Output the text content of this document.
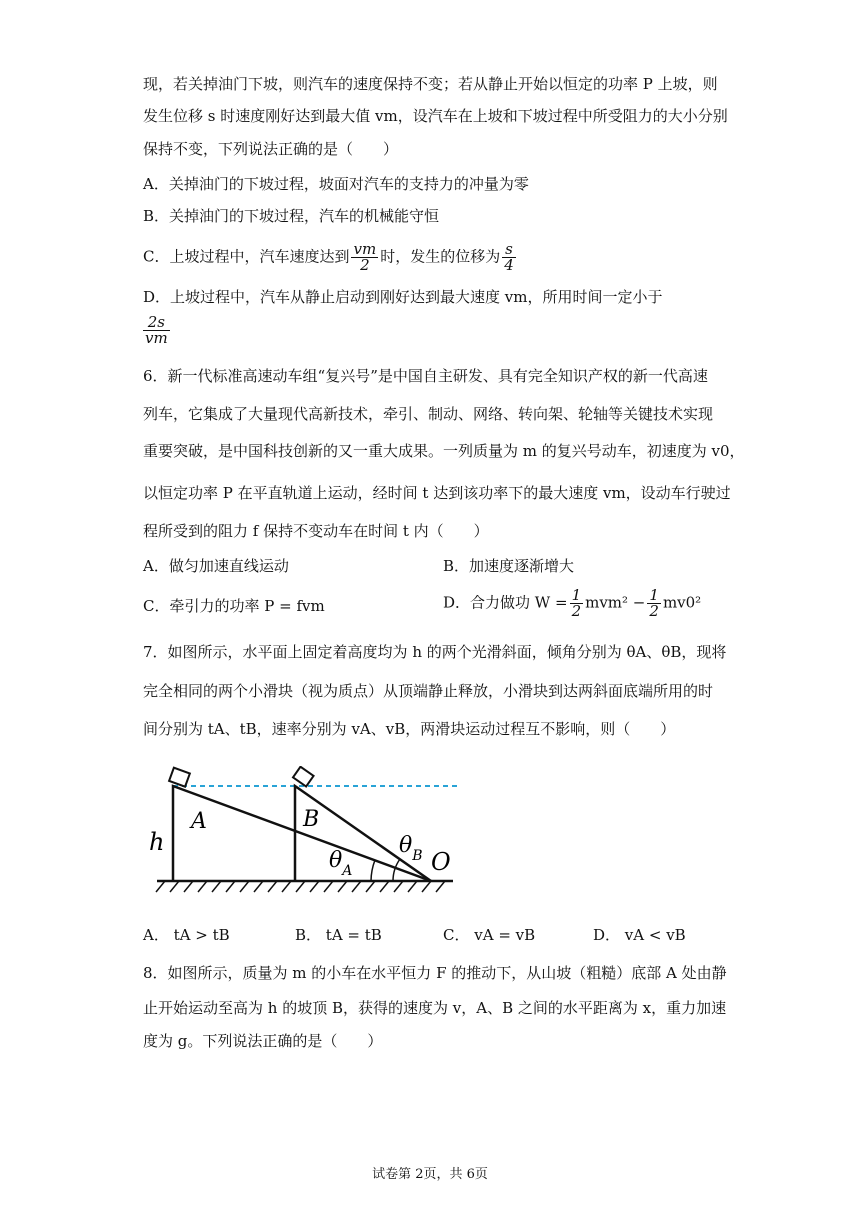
现，若关掉油门下坡，则汽车的速度保持不变；若从静止开始以恒定的功率 P 上坡，则
发生位移 s 时速度刚好达到最大值 vm，设汽车在上坡和下坡过程中所受阻力的大小分别
保持不变，下列说法正确的是（　　）
A．关掉油门的下坡过程，坡面对汽车的支持力的冲量为零
B．关掉油门的下坡过程，汽车的机械能守恒
C．上坡过程中，汽车速度达到 $\frac{vm}{2}$ 时，发生的位移为 $\frac{s}{4}$
D．上坡过程中，汽车从静止启动到刚好达到最大速度 vm，所用时间一定小于
$\frac{2s}{vm}$
6．新一代标准高速动车组“复兴号”是中国自主研发、具有完全知识产权的新一代高速
列车，它集成了大量现代高新技术，牵引、制动、网络、转向架、轮轴等关键技术实现
重要突破，是中国科技创新的又一重大成果。一列质量为 m 的复兴号动车，初速度为 v0，
以恒定功率 P 在平直轨道上运动，经时间 t 达到该功率下的最大速度 vm，设动车行驶过
程所受到的阻力 f 保持不变动车在时间 t 内（　　）
A．做匀加速直线运动	B．加速度逐渐增大
C．牵引力的功率 P = fvm	D．合力做功 $W = \frac{1}{2} mvm^2 - \frac{1}{2} mv0^2$
7．如图所示，水平面上固定着高度均为 h 的两个光滑斜面，倾角分别为 θA、θB，现将
完全相同的两个小滑块（视为质点）从顶端静止释放，小滑块到达两斜面底端所用的时
间分别为 tA、tB，速率分别为 vA、vB，两滑块运动过程互不影响，则（　　）
h
A	B
O
$\theta_A$
$\theta_B$
A． tA > tB	B． tA = tB	C． vA = vB	D． vA < vB
8．如图所示，质量为 m 的小车在水平恒力 F 的推动下，从山坡（粗糙）底部 A 处由静
止开始运动至高为 h 的坡顶 B，获得的速度为 v，A、B 之间的水平距离为 x，重力加速
度为 g。下列说法正确的是（　　）
试卷第 2页，共 6页
